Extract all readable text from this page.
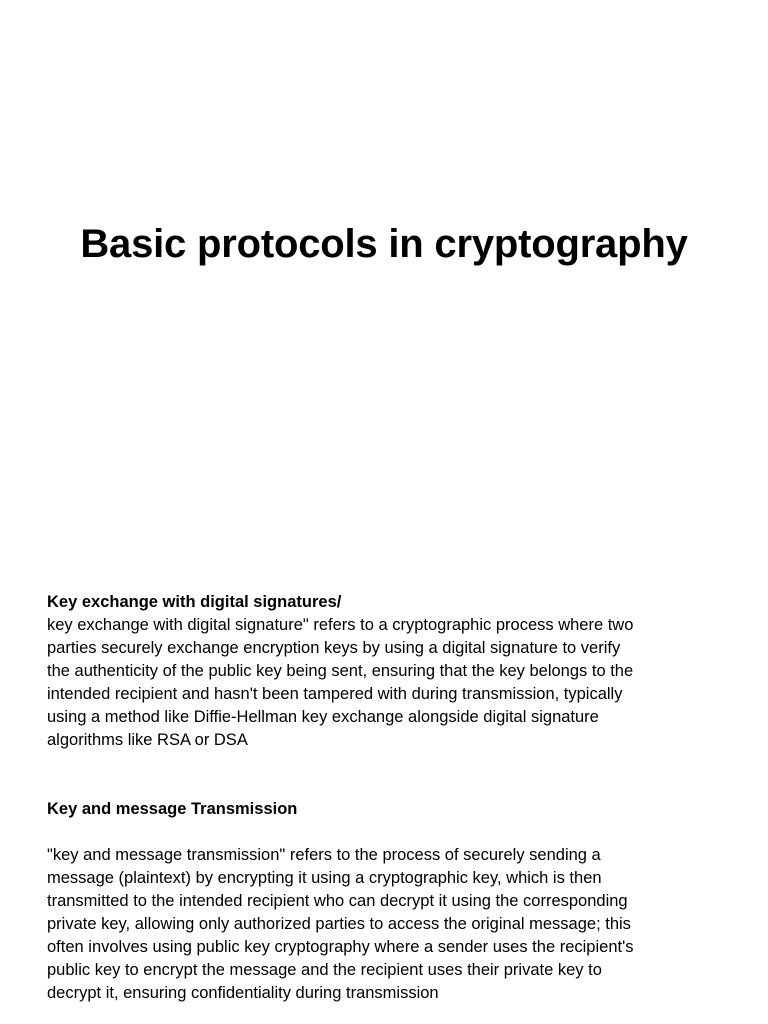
Basic protocols in cryptography
Key exchange with digital signatures/
key exchange with digital signature" refers to a cryptographic process where two parties securely exchange encryption keys by using a digital signature to verify the authenticity of the public key being sent, ensuring that the key belongs to the intended recipient and hasn't been tampered with during transmission, typically using a method like Diffie-Hellman key exchange alongside digital signature algorithms like RSA or DSA
Key and message Transmission
"key and message transmission" refers to the process of securely sending a message (plaintext) by encrypting it using a cryptographic key, which is then transmitted to the intended recipient who can decrypt it using the corresponding private key, allowing only authorized parties to access the original message; this often involves using public key cryptography where a sender uses the recipient's public key to encrypt the message and the recipient uses their private key to decrypt it, ensuring confidentiality during transmission
